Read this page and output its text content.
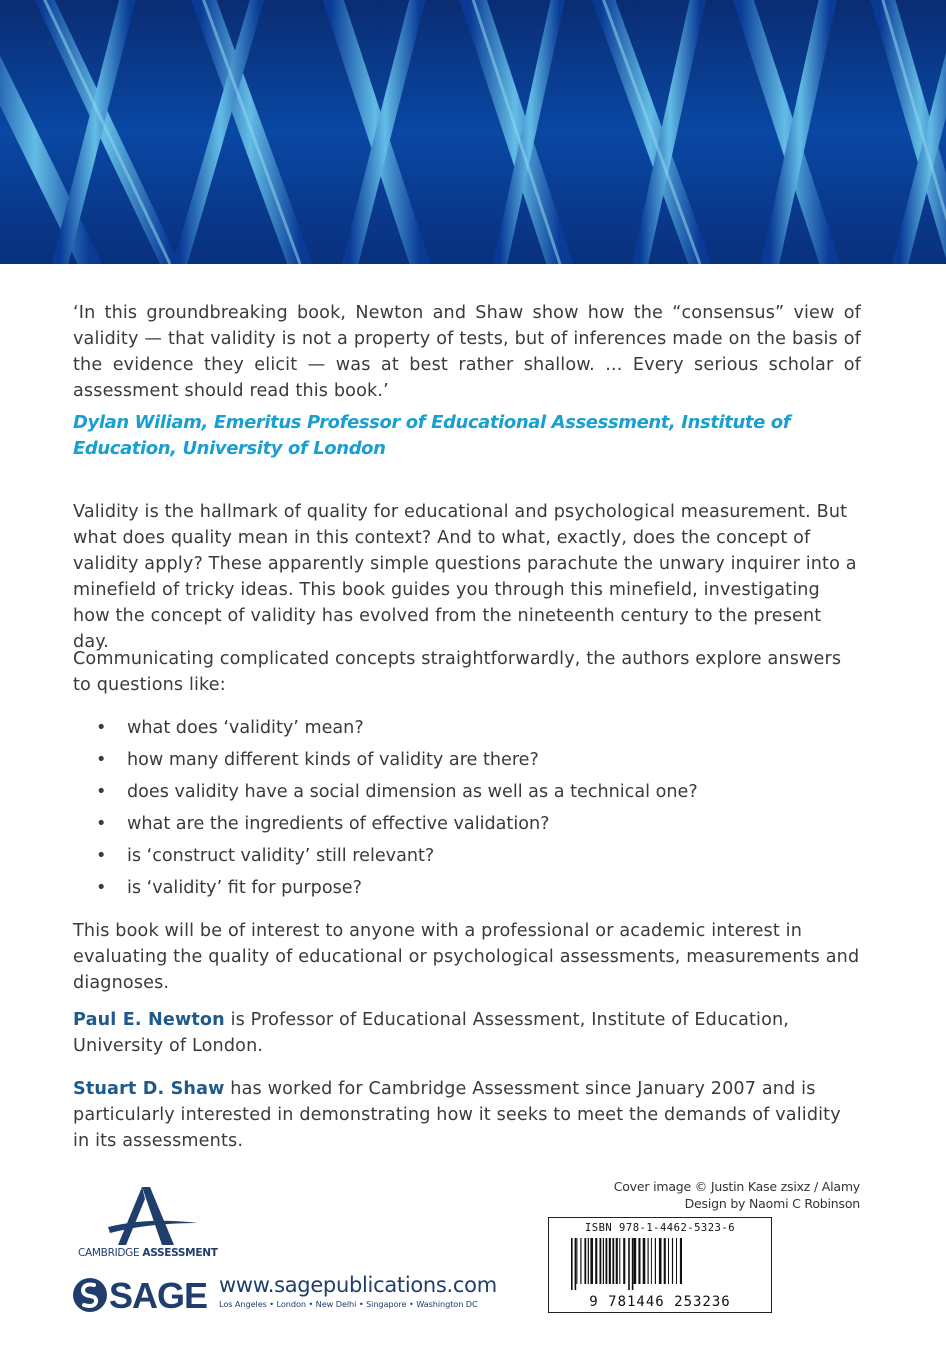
‘In this groundbreaking book, Newton and Shaw show how the “consensus” view of validity — that validity is not a property of tests, but of inferences made on the basis of the evidence they elicit — was at best rather shallow. ... Every serious scholar of assessment should read this book.’
Dylan Wiliam, Emeritus Professor of Educational Assessment, Institute of Education, University of London
Validity is the hallmark of quality for educational and psychological measurement. But what does quality mean in this context? And to what, exactly, does the concept of validity apply? These apparently simple questions parachute the unwary inquirer into a minefield of tricky ideas. This book guides you through this minefield, investigating how the concept of validity has evolved from the nineteenth century to the present day.
Communicating complicated concepts straightforwardly, the authors explore answers to questions like:
•	what does ‘validity’ mean?
•	how many different kinds of validity are there?
•	does validity have a social dimension as well as a technical one?
•	what are the ingredients of effective validation?
•	is ‘construct validity’ still relevant?
•	is ‘validity’ fit for purpose?
This book will be of interest to anyone with a professional or academic interest in evaluating the quality of educational or psychological assessments, measurements and diagnoses.
Paul E. Newton is Professor of Educational Assessment, Institute of Education, University of London.
Stuart D. Shaw has worked for Cambridge Assessment since January 2007 and is particularly interested in demonstrating how it seeks to meet the demands of validity in its assessments.
Cover image © Justin Kase zsixz / Alamy
Design by Naomi C Robinson
ISBN 978-1-4462-5323-6
9 781446 253236
CAMBRIDGE ASSESSMENT
SAGE www.sagepublications.com
Los Angeles • London • New Delhi • Singapore • Washington DC
